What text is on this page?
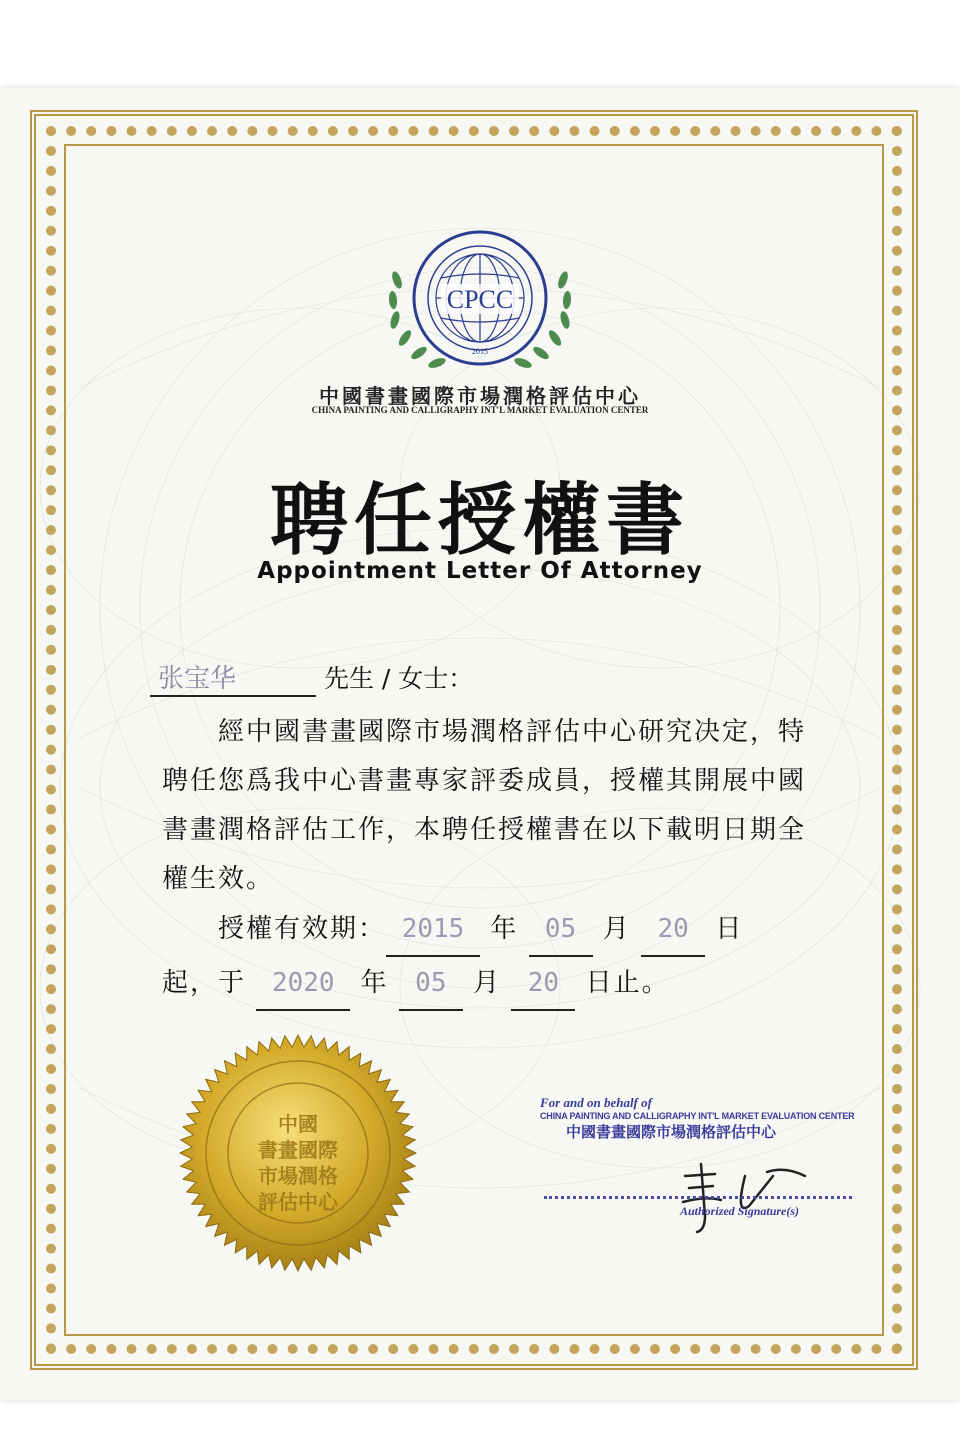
CPCC
2015
中國書畫國際市場潤格評估中心
CHINA PAINTING AND CALLIGRAPHY INT'L MARKET EVALUATION CENTER
聘任授權書
Appointment Letter Of Attorney
张宝华	先生 / 女士：
經中國書畫國際市場潤格評估中心研究决定，特聘任您爲我中心書畫專家評委成員，授權其開展中國書畫潤格評估工作，本聘任授權書在以下載明日期全權生效。
授權有效期： 2015 年 05 月 20 日
起，于 2020 年 05 月 20 日止。
中國
書畫國際
市場潤格
評估中心
For and on behalf of
CHINA PAINTING AND CALLIGRAPHY INT'L MARKET EVALUATION CENTER
中國書畫國際市場潤格評估中心
Authorized Signature(s)
